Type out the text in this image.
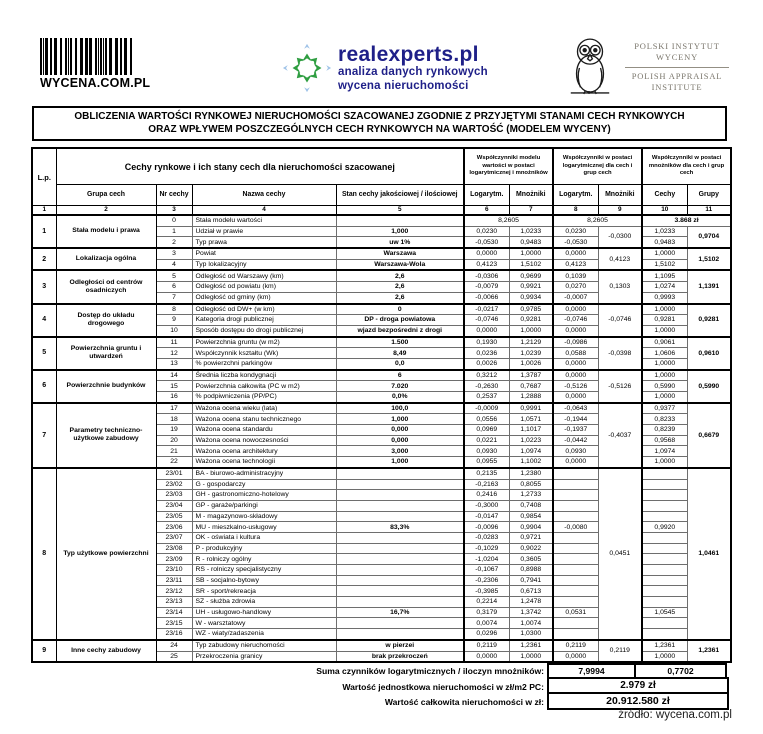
WYCENA.COM.PL
realexperts.pl
analiza danych rynkowych
wycena nieruchomości
POLSKI INSTYTUT
WYCENY
POLISH APPRAISAL
INSTITUTE
OBLICZENIA WARTOŚCI RYNKOWEJ NIERUCHOMOŚCI SZACOWANEJ ZGODNIE Z PRZYJĘTYMI STANAMI CECH RYNKOWYCH
ORAZ WPŁYWEM POSZCZEGÓLNYCH CECH RYNKOWYCH NA WARTOŚĆ (MODELEM WYCENY)
L.p.	Cechy rynkowe i ich stany cech dla nieruchomości szacowanej				Współczynniki modelu wartości w postaci logarytmicznej i mnożników		Współczynniki w postaci logarytmicznej dla cech i grup cech		Współczynniki w postaci mnożników dla cech i grup cech	
	Grupa cech	Nr cechy	Nazwa cechy	Stan cechy jakościowej / ilościowej	Logarytm.	Mnożniki	Logarytm.	Mnożniki	Cechy	Grupy
1	2	3	4	5	6	7	8	9	10	11
1	Stała modelu i prawa	0	Stała modelu wartości		8,2605		8,2605		3.868 zł	
		1	Udział w prawie	1,000	0,0230	1,0233	0,0230	-0,0300	1,0233	0,9704
		2	Typ prawa	uw 1%	-0,0530	0,9483	-0,0530		0,9483	
2	Lokalizacja ogólna	3	Powiat	Warszawa	0,0000	1,0000	0,0000	0,4123	1,0000	1,5102
		4	Typ lokalizacyjny	Warszawa-Wola	0,4123	1,5102	0,4123		1,5102	
3	Odległości od centrów osadniczych	5	Odległość od Warszawy (km)	2,6	-0,0306	0,9699	0,1039	0,1303	1,1095	1,1391
		6	Odległość od powiatu (km)	2,6	-0,0079	0,9921	0,0270		1,0274	
		7	Odległość od gminy (km)	2,6	-0,0066	0,9934	-0,0007		0,9993	
4	Dostęp do układu drogowego	8	Odległość od DW+ (w km)	0	-0,0217	0,9785	0,0000	-0,0746	1,0000	0,9281
		9	Kategoria drogi publicznej	DP - droga powiatowa	-0,0746	0,9281	-0,0746		0,9281	
		10	Sposób dostępu do drogi publicznej	wjazd bezpośredni z drogi	0,0000	1,0000	0,0000		1,0000	
5	Powierzchnia gruntu i utwardzeń	11	Powierzchnia gruntu (w m2)	1.500	0,1930	1,2129	-0,0986	-0,0398	0,9061	0,9610
		12	Współczynnik kształtu (Wk)	8,49	0,0236	1,0239	0,0588		1,0606	
		13	% powierzchni parkingów	0,0	0,0026	1,0026	0,0000		1,0000	
6	Powierzchnie budynków	14	Średnia liczba kondygnacji	6	0,3212	1,3787	0,0000	-0,5126	1,0000	0,5990
		15	Powierzchnia całkowita (PC w m2)	7.020	-0,2630	0,7687	-0,5126		0,5990	
		16	% podpiwniczenia (PP/PC)	0,0%	0,2537	1,2888	0,0000		1,0000	
7	Parametry techniczno-użytkowe zabudowy	17	Ważona ocena wieku (lata)	100,0	-0,0009	0,9991	-0,0643	-0,4037	0,9377	0,6679
		18	Ważona ocena stanu technicznego	1,000	0,0556	1,0571	-0,1944		0,8233	
		19	Ważona ocena standardu	0,000	0,0969	1,1017	-0,1937		0,8239	
		20	Ważona ocena nowoczesności	0,000	0,0221	1,0223	-0,0442		0,9568	
		21	Ważona ocena architektury	3,000	0,0930	1,0974	0,0930		1,0974	
		22	Ważona ocena technologii	1,000	0,0955	1,1002	0,0000		1,0000	
8	Typ użytkowe powierzchni	23/01	BA - biurowo-administracyjny		0,2135	1,2380		0,0451		1,0461
		23/02	G - gospodarczy		-0,2163	0,8055				
		23/03	GH - gastronomiczno-hotelowy		0,2416	1,2733				
		23/04	GP - garaże/parkingi		-0,3000	0,7408				
		23/05	M - magazynowo-składowy		-0,0147	0,9854				
		23/06	MU - mieszkalno-usługowy	83,3%	-0,0096	0,9904	-0,0080		0,9920	
		23/07	OK - oświata i kultura		-0,0283	0,9721				
		23/08	P - produkcyjny		-0,1029	0,9022				
		23/09	R - rolniczy ogólny		-1,0204	0,3605				
		23/10	RS - rolniczy specjalistyczny		-0,1067	0,8988				
		23/11	SB - socjalno-bytowy		-0,2306	0,7941				
		23/12	SR - sport/rekreacja		-0,3985	0,6713				
		23/13	SZ - służba zdrowia		0,2214	1,2478				
		23/14	UH - usługowo-handlowy	16,7%	0,3179	1,3742	0,0531		1,0545	
		23/15	W - warsztatowy		0,0074	1,0074				
		23/16	WZ - wiaty/zadaszenia		0,0296	1,0300				
9	Inne cechy zabudowy	24	Typ zabudowy nieruchomości	w pierzei	0,2119	1,2361	0,2119	0,2119	1,2361	1,2361
		25	Przekroczenia granicy	brak przekroczeń	0,0000	1,0000	0,0000		1,0000	
Suma czynników logarytmicznych / iloczyn mnożników:	7,9994	0,7702
Wartość jednostkowa nieruchomości w zł/m2 PC:	2.979 zł
Wartość całkowita nieruchomości w zł:	20.912.580 zł
źródło: wycena.com.pl
